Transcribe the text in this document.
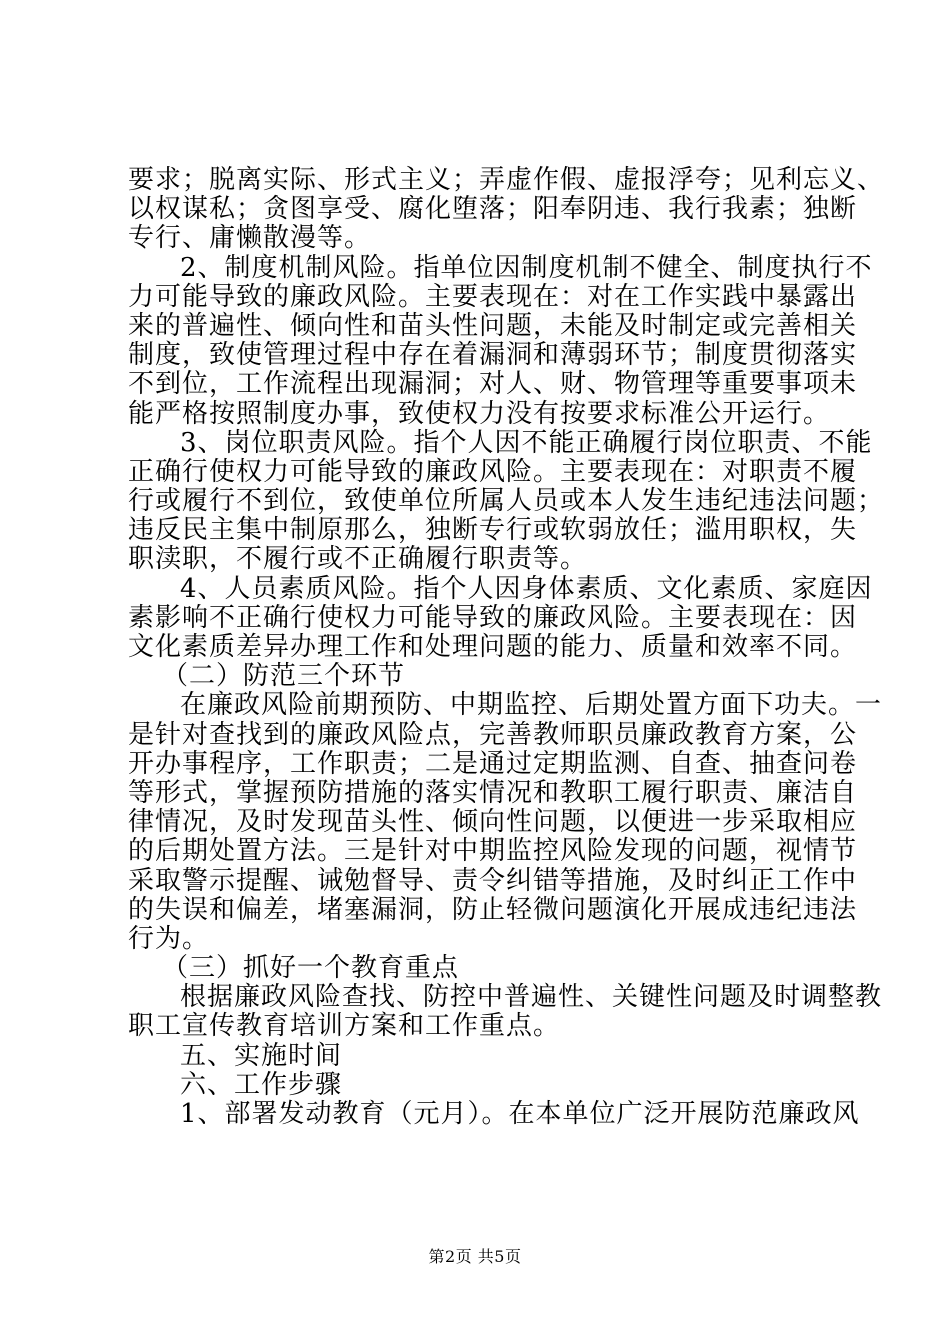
要求；脱离实际、形式主义；弄虚作假、虚报浮夸；见利忘义、
以权谋私；贪图享受、腐化堕落；阳奉阴违、我行我素；独断
专行、庸懒散漫等。
2、制度机制风险。指单位因制度机制不健全、制度执行不
力可能导致的廉政风险。主要表现在：对在工作实践中暴露出
来的普遍性、倾向性和苗头性问题，未能及时制定或完善相关
制度，致使管理过程中存在着漏洞和薄弱环节；制度贯彻落实
不到位，工作流程出现漏洞；对人、财、物管理等重要事项未
能严格按照制度办事，致使权力没有按要求标准公开运行。
3、岗位职责风险。指个人因不能正确履行岗位职责、不能
正确行使权力可能导致的廉政风险。主要表现在：对职责不履
行或履行不到位，致使单位所属人员或本人发生违纪违法问题；
违反民主集中制原那么，独断专行或软弱放任；滥用职权，失
职渎职，不履行或不正确履行职责等。
4、人员素质风险。指个人因身体素质、文化素质、家庭因
素影响不正确行使权力可能导致的廉政风险。主要表现在：因
文化素质差异办理工作和处理问题的能力、质量和效率不同。
（二）防范三个环节
在廉政风险前期预防、中期监控、后期处置方面下功夫。一
是针对查找到的廉政风险点，完善教师职员廉政教育方案，公
开办事程序，工作职责；二是通过定期监测、自查、抽查问卷
等形式，掌握预防措施的落实情况和教职工履行职责、廉洁自
律情况，及时发现苗头性、倾向性问题，以便进一步采取相应
的后期处置方法。三是针对中期监控风险发现的问题，视情节
采取警示提醒、诫勉督导、责令纠错等措施，及时纠正工作中
的失误和偏差，堵塞漏洞，防止轻微问题演化开展成违纪违法
行为。
（三）抓好一个教育重点
根据廉政风险查找、防控中普遍性、关键性问题及时调整教
职工宣传教育培训方案和工作重点。
五、实施时间
六、工作步骤
1、部署发动教育（元月）。在本单位广泛开展防范廉政风
第2页 共5页
